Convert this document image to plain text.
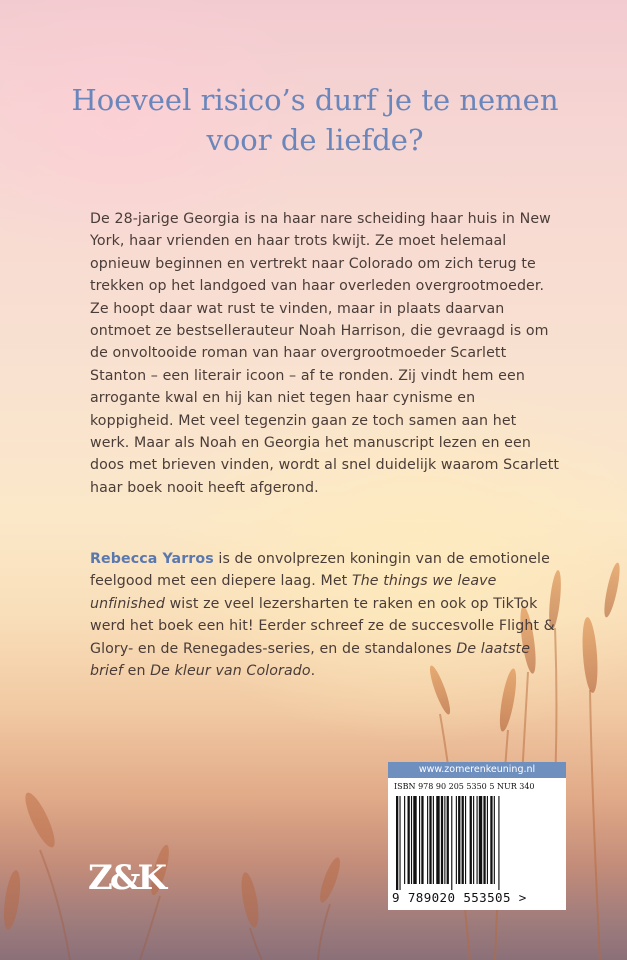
Hoeveel risico’s durf je te nemen voor de liefde?

De 28-jarige Georgia is na haar nare scheiding haar huis in New York, haar vrienden en haar trots kwijt. Ze moet helemaal opnieuw beginnen en vertrekt naar Colorado om zich terug te trekken op het landgoed van haar overleden overgrootmoeder. Ze hoopt daar wat rust te vinden, maar in plaats daarvan ontmoet ze bestsellerauteur Noah Harrison, die gevraagd is om de onvoltooide roman van haar overgrootmoeder Scarlett Stanton – een literair icoon – af te ronden. Zij vindt hem een arrogante kwal en hij kan niet tegen haar cynisme en koppigheid. Met veel tegenzin gaan ze toch samen aan het werk. Maar als Noah en Georgia het manuscript lezen en een doos met brieven vinden, wordt al snel duidelijk waarom Scarlett haar boek nooit heeft afgerond.

Rebecca Yarros is de onvolprezen koningin van de emotionele feelgood met een diepere laag. Met The things we leave unfinished wist ze veel lezersharten te raken en ook op TikTok werd het boek een hit! Eerder schreef ze de succesvolle Flight & Glory- en de Renegades-series, en de standalones De laatste brief en De kleur van Colorado.

Z&K
www.zomerenkeuning.nl
ISBN 978 90 205 5350 5 NUR 340
9 789020 553505 >
